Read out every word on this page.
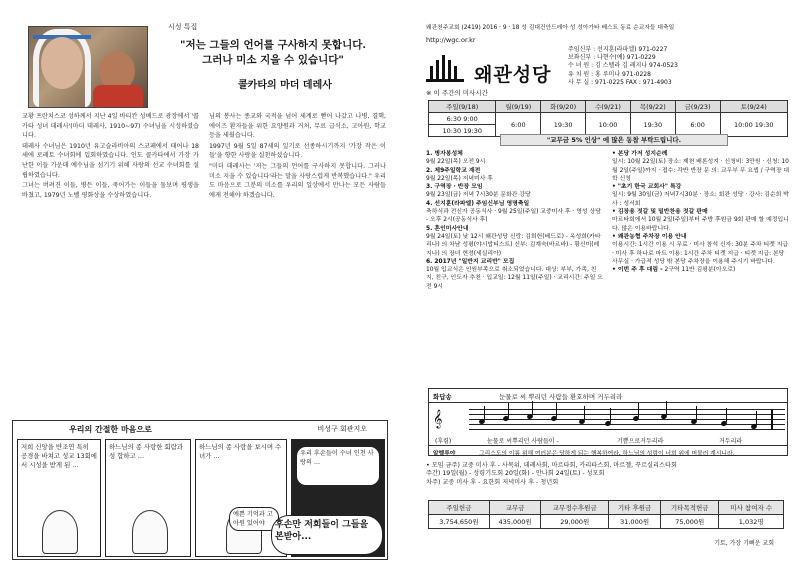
시성 특집
"저는 그들의 언어를 구사하지 못합니다.
그러나 미소 지을 수 있습니다"
콜카타의 마더 데레사

교황 프란치스코 성하께서 지난 4일 바티칸 성베드로 광장에서 '콜카타 성녀 데레사'(마더 데레사, 1910~97) 수녀님을 시성하셨습니다.

데레사 수녀님은 1910년 유고슬라비아의 스코페에서 태어나 18세에 로레토 수녀회에 입회하였습니다. 인도 콜카타에서 가장 가난한 이들 가운데 예수님을 섬기기 위해 사랑의 선교 수녀회를 설립하였습니다.

그녀는 버려진 이들, 병든 이들, 죽어가는 이들을 돌보며 평생을 바쳤고, 1979년 노벨 평화상을 수상하였습니다.

님의 봉사는 종교와 국적을 넘어 세계로 뻗어 나갔고 나병, 결핵, 에이즈 환자들을 위한 요양원과 거처, 무료 급식소, 고아원, 학교 등을 세웠습니다.

1997년 9월 5일 87세의 일기로 선종하시기까지 '가장 작은 이들'을 향한 사랑을 실천하셨습니다.

"미더 데레사는 '저는 그들의 언어를 구사하지 못합니다. 그러나 미소 지을 수 있습니다'라는 말을 사랑스럽게 반복했습니다." 우리도 마음으로 그분의 미소를 우리의 일상에서 만나는 모든 사람들에게 전해야 하겠습니다.

우리의 간절한 마음으로	비성구 회관지오
저희 신앙을 반조연 특히 공경을 바쳐고 성교 13회에서 시성을 받게 된 …
하느님의 종 사랑한 회람과 성 합하고 …
하느님의 종 사랑을 보시며 수녀가 …	우리 후손들이 수녀 인천 사랑의 …
예쁜 기억과 고아원 있어야	후손만 저희들이 그들을 본받아...
왜관천주교회 (2419) 2016 · 9 · 18 성 김대건안드레아 성 성아가타 베스트 동료 순교자들 대축일
http://wgc.or.kr
왜관성당
주임신부 : 선지훈(라파엘) 971-0227
보좌신부 : 나현수(예) 971-0229
수 녀 원 : 김 스텔라 김 레지나 974-0523
유 치 원 : 홍 루미나 971-0228
사 무 실 : 971-0225 FAX : 971-4903
※ 이 주간의 미사시간
주일(9/18)	월(9/19)	화(9/20)	수(9/21)	목(9/22)	금(9/23)	토(9/24)
6:30 9:00	6:00	19:30	10:00	19:30	6:00	10:00 19:30
10:30 19:30						
"교무금 5% 인상" 에 많은 동참 부탁드립니다.
1. 병자봉성체
9월 22일(목) 오전 9시
2. 제9주일학교 재전
9월 22일(목) 저녁미사 후
3. 구역장 · 반장 모임
9월 23일(금) 저녁 7시30분 문화관 강당
4. 선지훈(라파엘) 주임신부님 영명축일
축하식과 전신자 공동식사 · 9월 25일(주일) 교중미사 후 · 영성 상담 - 오후 2시(공동식사 후)
5. 혼인미사안내
9월 24일(토) 낮 12시 왜관성당 신랑: 김희헌(베드로) - 옥성희(카타리나) 의 차남 성평(야시밥티스트) 신부: 김계숙(바르바) - 황신미(레지나) 의 장녀 현정(세실리아)
6. 2017년 "일반지 교리반" 모집
10월 입교식은 인원부족으로 취소되었습니다. 대상: 부부, 가족, 친지, 친구, 인도자 추천 · 입교일: 12월 11일(주일) · 교리시간: 주일 오전 9시
• 본당 가저 성지순례
일시: 10월 22일(토) 장소: 제천 배론성지 · 신청비: 3만원 · 신청: 10월 2일(주일)까지 · 접수: 각반 반장 문 의: 교무부 무 요셉 / 구역장 대학 신청
• "초기 한국 교회사" 특강
일시: 9월 30일(금) 저녁7시30분 · 장소: 회관 성당 · 강사: 김순희 박사 : 성서회
• 김장용 젓갈 및 밑반찬용 젓갈 판매
마르타회에서 10월 2일(주일)부터 주방 후원금 9회 판매 할 예정입니다. 많은 이용바랍니다.
• 왜관농협 주차장 이용 안내
이용시간: 1시간 이용 시 무료 · 미사 참석 신자: 30분 주차 티켓 지급 · 미사 후 하나로 마트 이용: 1시간 주차 티켓 지급 · 티켓 지급: 본당 사무실 · 가급적 성당 밖 본당 주차장을 이용해 주시기 바랍니다.
• 이번 주 후 대림 - 2구역 11반 김평분(아오로)
화답송	눈물로 씨 뿌리던 사람들 환호하며 거두리라
𝄞
(후렴)	눈물로 씨뿌리던 사람들이 -	기쁨으로거두리라	거두리라
알렐루야	그리스도의 이름 위해 여러분은 당하게 되는 행복하여라, 하느님의 성령이 너희 위에 머물러 계시니라.
• 모임 금주) 교중 미사 후 - 사목위, 데레사회, 마르타회, 카리타스회, 마르첼, 꾸르실리스타회
주간) 19일(월) - 성령기도회 20일(화) - 안나회 24일(토) - 성모회
차주) 교중 미사 후 - 요한회 저녁미사 후 - 청년회
주일헌금	교무금	교무정수후원금	기타 후원금	기타목적헌금	미사 참여자 수
3,754,650원	435,000원	29,000원	31,000원	75,000원	1,032명
기토, 가장 기뻐운 교회
